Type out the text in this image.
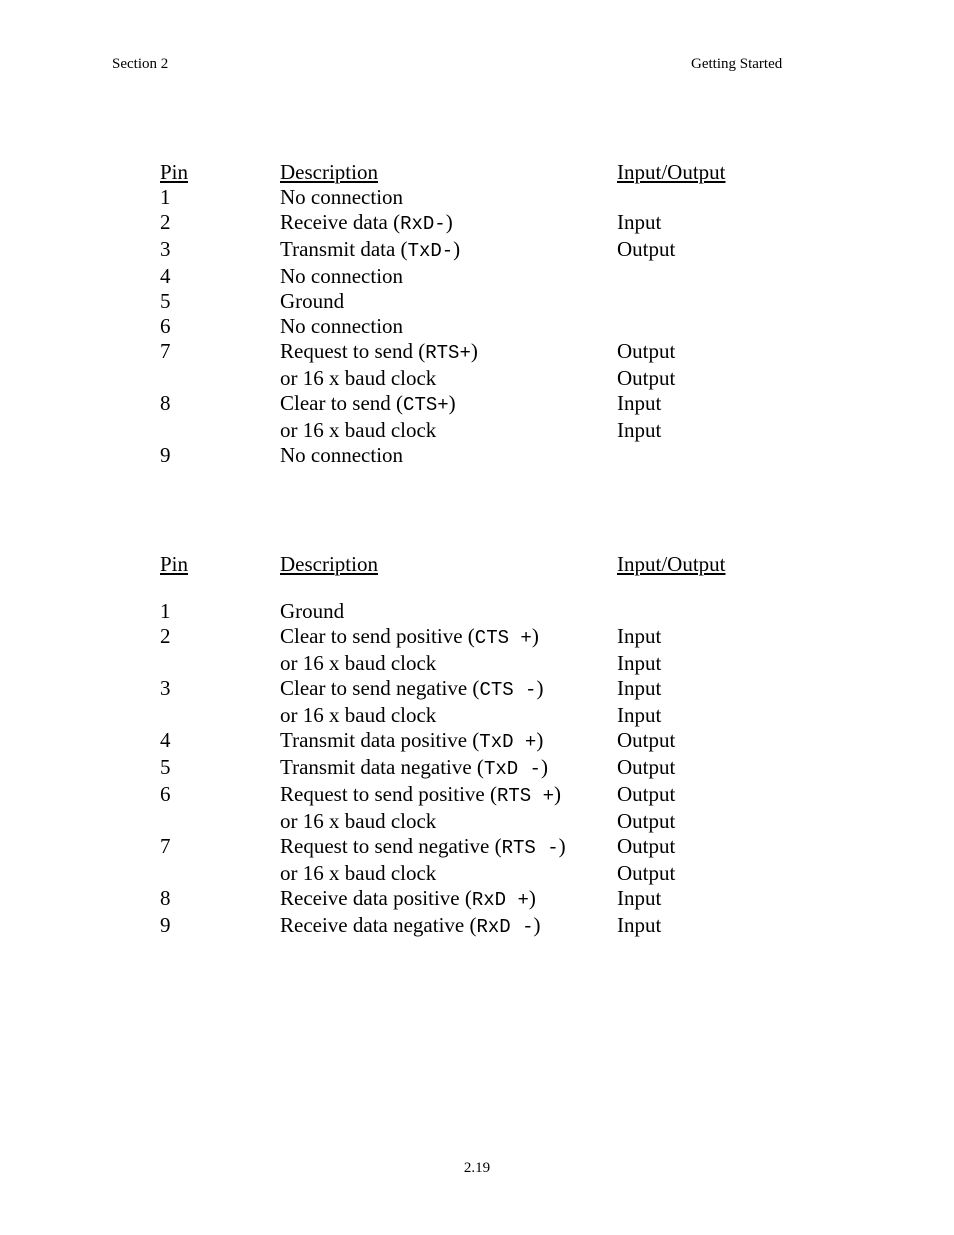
Section 2	Getting Started
Pin	Description	Input/Output
1	No connection	
2	Receive data (RxD-)	Input
3	Transmit data (TxD-)	Output
4	No connection	
5	Ground	
6	No connection	
7	Request to send (RTS+)	Output
	or 16 x baud clock	Output
8	Clear to send (CTS+)	Input
	or 16 x baud clock	Input
9	No connection	
Pin	Description	Input/Output

1	Ground	
2	Clear to send positive (CTS +)	Input
	or 16 x baud clock	Input
3	Clear to send negative (CTS -)	Input
	or 16 x baud clock	Input
4	Transmit data positive (TxD +)	Output
5	Transmit data negative (TxD -)	Output
6	Request to send positive (RTS +)	Output
	or 16 x baud clock	Output
7	Request to send negative (RTS -)	Output
	or 16 x baud clock	Output
8	Receive data positive (RxD +)	Input
9	Receive data negative (RxD -)	Input
2.19
